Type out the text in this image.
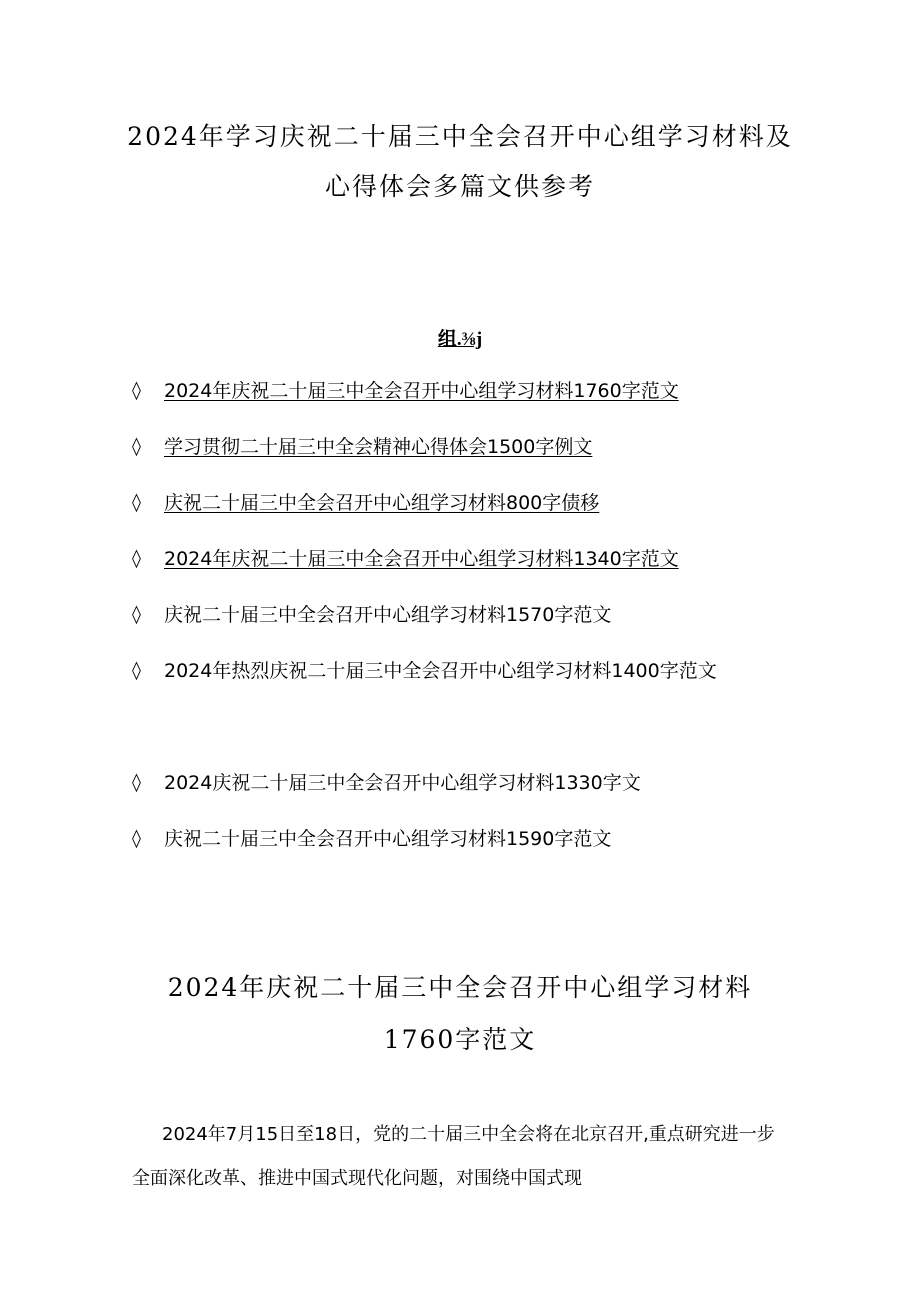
2024年学习庆祝二十届三中全会召开中心组学习材料及心得体会多篇文供参考
组.⅜j
◊ 2024年庆祝二十届三中全会召开中心组学习材料1760字范文
◊ 学习贯彻二十届三中全会精神心得体会1500字例文
◊ 庆祝二十届三中全会召开中心组学习材料800字债移
◊ 2024年庆祝二十届三中全会召开中心组学习材料1340字范文
◊ 庆祝二十届三中全会召开中心组学习材料1570字范文
◊ 2024年热烈庆祝二十届三中全会召开中心组学习材料1400字范文
◊ 2024庆祝二十届三中全会召开中心组学习材料1330字文
◊ 庆祝二十届三中全会召开中心组学习材料1590字范文
2024年庆祝二十届三中全会召开中心组学习材料1760字范文

2024年7月15日至18日，党的二十届三中全会将在北京召开,重点研究进一步全面深化改革、推进中国式现代化问题，对围绕中国式现
